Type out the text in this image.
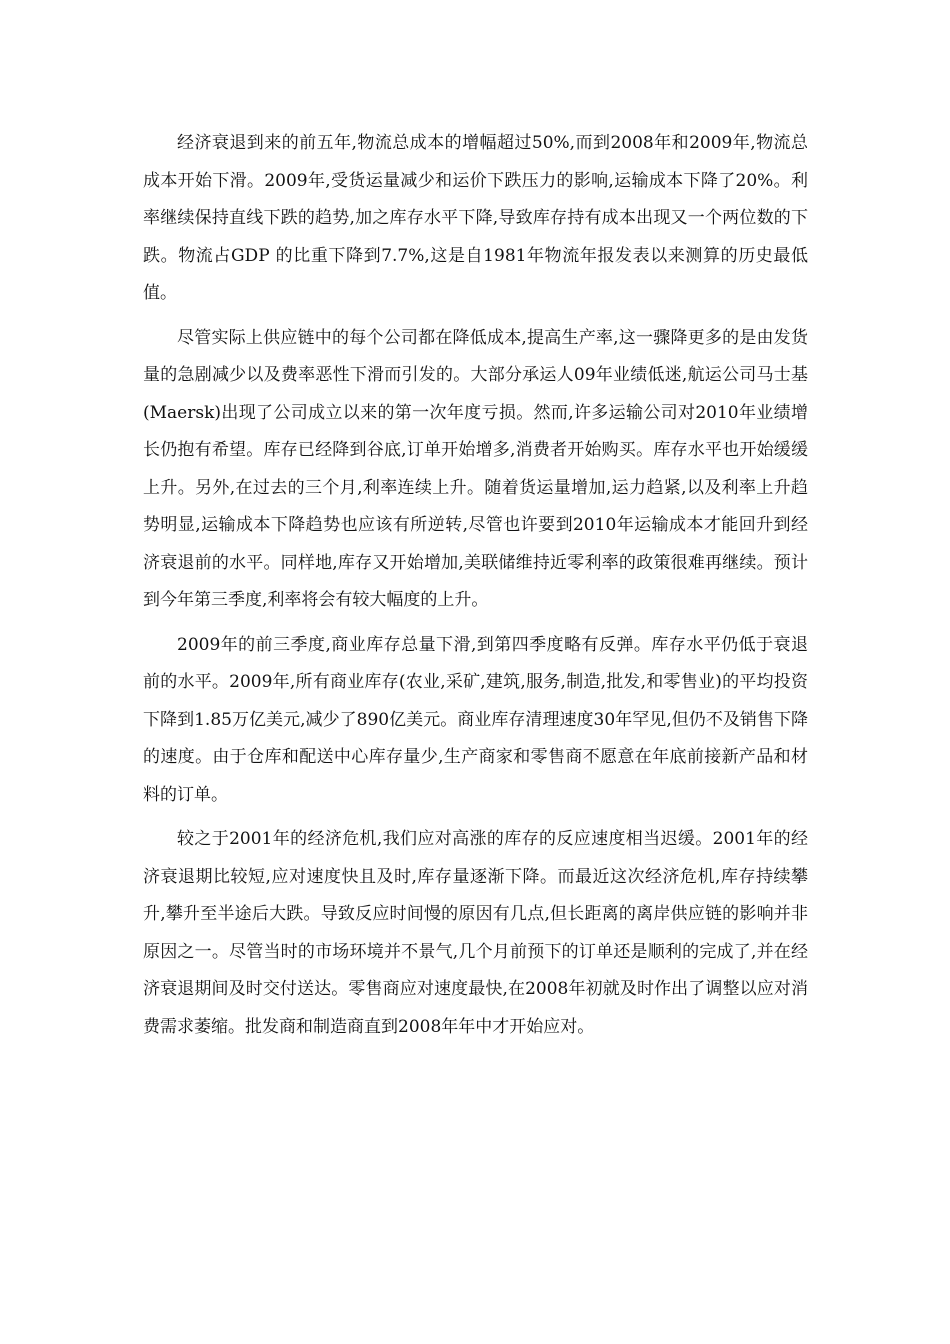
经济衰退到来的前五年,物流总成本的增幅超过50%,而到2008年和2009年,物流总成本开始下滑。2009年,受货运量减少和运价下跌压力的影响,运输成本下降了20%。利率继续保持直线下跌的趋势,加之库存水平下降,导致库存持有成本出现又一个两位数的下跌。物流占GDP 的比重下降到7.7%,这是自1981年物流年报发表以来测算的历史最低值。

尽管实际上供应链中的每个公司都在降低成本,提高生产率,这一骤降更多的是由发货量的急剧减少以及费率恶性下滑而引发的。大部分承运人09年业绩低迷,航运公司马士基(Maersk)出现了公司成立以来的第一次年度亏损。然而,许多运输公司对2010年业绩增长仍抱有希望。库存已经降到谷底,订单开始增多,消费者开始购买。库存水平也开始缓缓上升。另外,在过去的三个月,利率连续上升。随着货运量增加,运力趋紧,以及利率上升趋势明显,运输成本下降趋势也应该有所逆转,尽管也许要到2010年运输成本才能回升到经济衰退前的水平。同样地,库存又开始增加,美联储维持近零利率的政策很难再继续。预计到今年第三季度,利率将会有较大幅度的上升。

2009年的前三季度,商业库存总量下滑,到第四季度略有反弹。库存水平仍低于衰退前的水平。2009年,所有商业库存(农业,采矿,建筑,服务,制造,批发,和零售业)的平均投资下降到1.85万亿美元,减少了890亿美元。商业库存清理速度30年罕见,但仍不及销售下降的速度。由于仓库和配送中心库存量少,生产商家和零售商不愿意在年底前接新产品和材料的订单。

较之于2001年的经济危机,我们应对高涨的库存的反应速度相当迟缓。2001年的经济衰退期比较短,应对速度快且及时,库存量逐渐下降。而最近这次经济危机,库存持续攀升,攀升至半途后大跌。导致反应时间慢的原因有几点,但长距离的离岸供应链的影响并非原因之一。尽管当时的市场环境并不景气,几个月前预下的订单还是顺利的完成了,并在经济衰退期间及时交付送达。零售商应对速度最快,在2008年初就及时作出了调整以应对消费需求萎缩。批发商和制造商直到2008年年中才开始应对。
